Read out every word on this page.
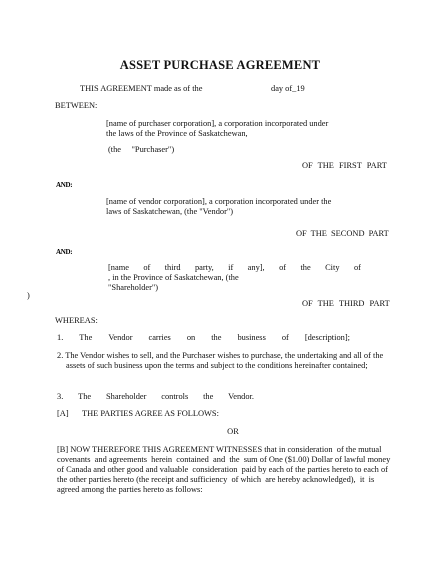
ASSET PURCHASE AGREEMENT
THIS AGREEMENT made as of the	day of_19
BETWEEN:
[name of purchaser corporation], a corporation incorporated under
the laws of the Province of Saskatchewan,
(the     "Purchaser")
OF THE FIRST PART
AND:
[name of vendor corporation], a corporation incorporated under the
laws of Saskatchewan, (the "Vendor")
OF THE SECOND PART
AND:
[name of third party, if any], of the City of
, in the Province of Saskatchewan, (the
"Shareholder")
)
OF THE THIRD PART
WHEREAS:
1. The Vendor carries on the business of [description];
2. The Vendor wishes to sell, and the Purchaser wishes to purchase, the undertaking and all of the
assets of such business upon the terms and subject to the conditions hereinafter contained;
3. The Shareholder controls the Vendor.
[A] THE PARTIES AGREE AS FOLLOWS:
OR
[B] NOW THEREFORE THIS AGREEMENT WITNESSES that in consideration  of the mutual
covenants  and agreements  herein  contained  and  the  sum of One ($1.00) Dollar of lawful money
of Canada and other good and valuable  consideration  paid by each of the parties hereto to each of
the other parties hereto (the receipt and sufficiency  of which  are hereby acknowledged),  it  is
agreed among the parties hereto as follows:
